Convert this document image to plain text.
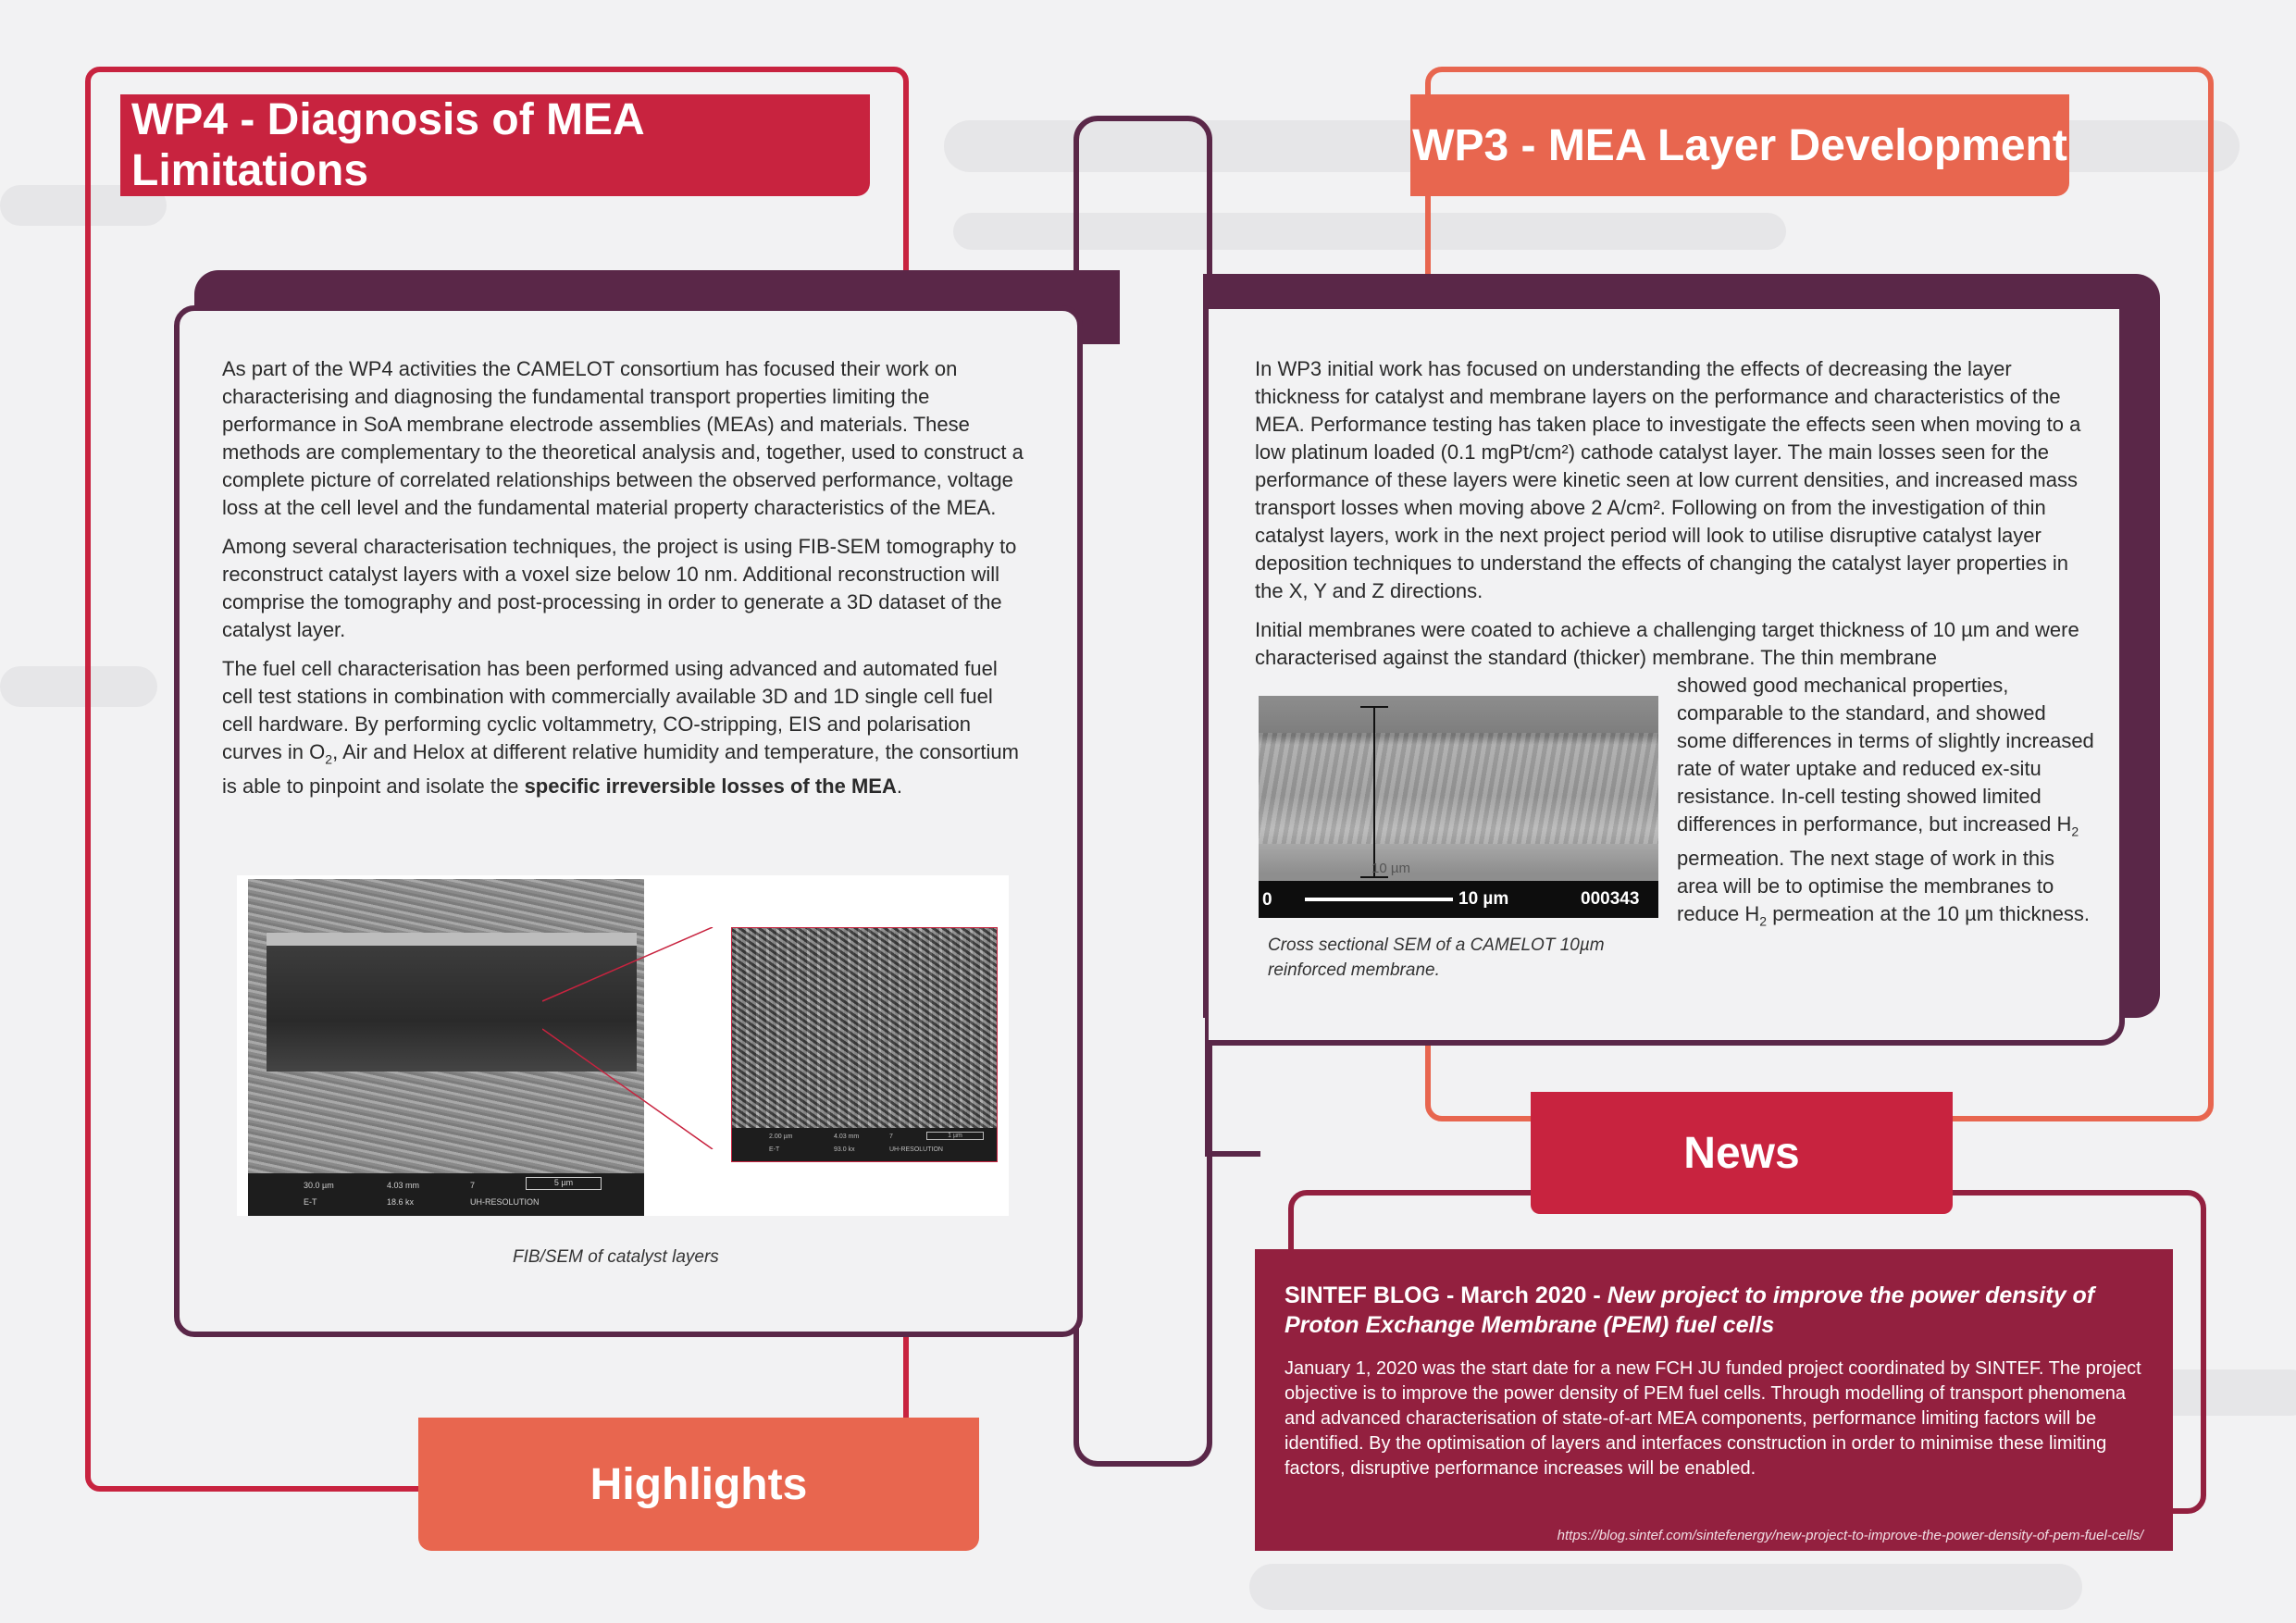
WP4 - Diagnosis of MEA Limitations

As part of the WP4 activities the CAMELOT consortium has focused their work on characterising and diagnosing the fundamental transport properties limiting the performance in SoA membrane electrode assemblies (MEAs) and materials. These methods are complementary to the theoretical analysis and, together, used to construct a complete picture of correlated relationships between the observed performance, voltage loss at the cell level and the fundamental material property characteristics of the MEA.

Among several characterisation techniques, the project is using FIB-SEM tomography to reconstruct catalyst layers with a voxel size below 10 nm. Additional reconstruction will comprise the tomography and post-processing in order to generate a 3D dataset of the catalyst layer.

The fuel cell characterisation has been performed using advanced and automated fuel cell test stations in combination with commercially available 3D and 1D single cell fuel cell hardware. By performing cyclic voltammetry, CO-stripping, EIS and polarisation curves in $O_2$, Air and Helox at different relative humidity and temperature, the consortium is able to pinpoint and isolate the specific irreversible losses of the MEA.

30.0 µm	4.03 mm	7	5 µm
E-T	18.6 kx	UH-RESOLUTION
2.00 µm	4.03 mm	7	1 µm
E-T	93.0 kx	UH-RESOLUTION
FIB/SEM of catalyst layers
Highlights
WP3 - MEA Layer Development

In WP3 initial work has focused on understanding the effects of decreasing the layer thickness for catalyst and membrane layers on the performance and characteristics of the MEA. Performance testing has taken place to investigate the effects seen when moving to a low platinum loaded (0.1 mgPt/cm²) cathode catalyst layer. The main losses seen for the performance of these layers were kinetic seen at low current densities, and increased mass transport losses when moving above 2 A/cm². Following on from the investigation of thin catalyst layers, work in the next project period will look to utilise disruptive catalyst layer deposition techniques to understand the effects of changing the catalyst layer properties in the X, Y and Z directions.

Initial membranes were coated to achieve a challenging target thickness of 10 µm and were characterised against the standard (thicker) membrane. The thin membrane

10 µm
0	10 µm	000343
Cross sectional SEM of a CAMELOT 10µm reinforced membrane.
showed good mechanical properties, comparable to the standard, and showed some differences in terms of slightly increased rate of water uptake and reduced ex-situ resistance. In-cell testing showed limited differences in performance, but increased $H_2$ permeation. The next stage of work in this area will be to optimise the membranes to reduce $H_2$ permeation at the 10 µm thickness.
News
SINTEF BLOG - March 2020 - New project to improve the power density of Proton Exchange Membrane (PEM) fuel cells
January 1, 2020 was the start date for a new FCH JU funded project coordinated by SINTEF. The project objective is to improve the power density of PEM fuel cells. Through modelling of transport phenomena and advanced characterisation of state-of-art MEA components, performance limiting factors will be identified. By the optimisation of layers and interfaces construction in order to minimise these limiting factors, disruptive performance increases will be enabled.
https://blog.sintef.com/sintefenergy/new-project-to-improve-the-power-density-of-pem-fuel-cells/
